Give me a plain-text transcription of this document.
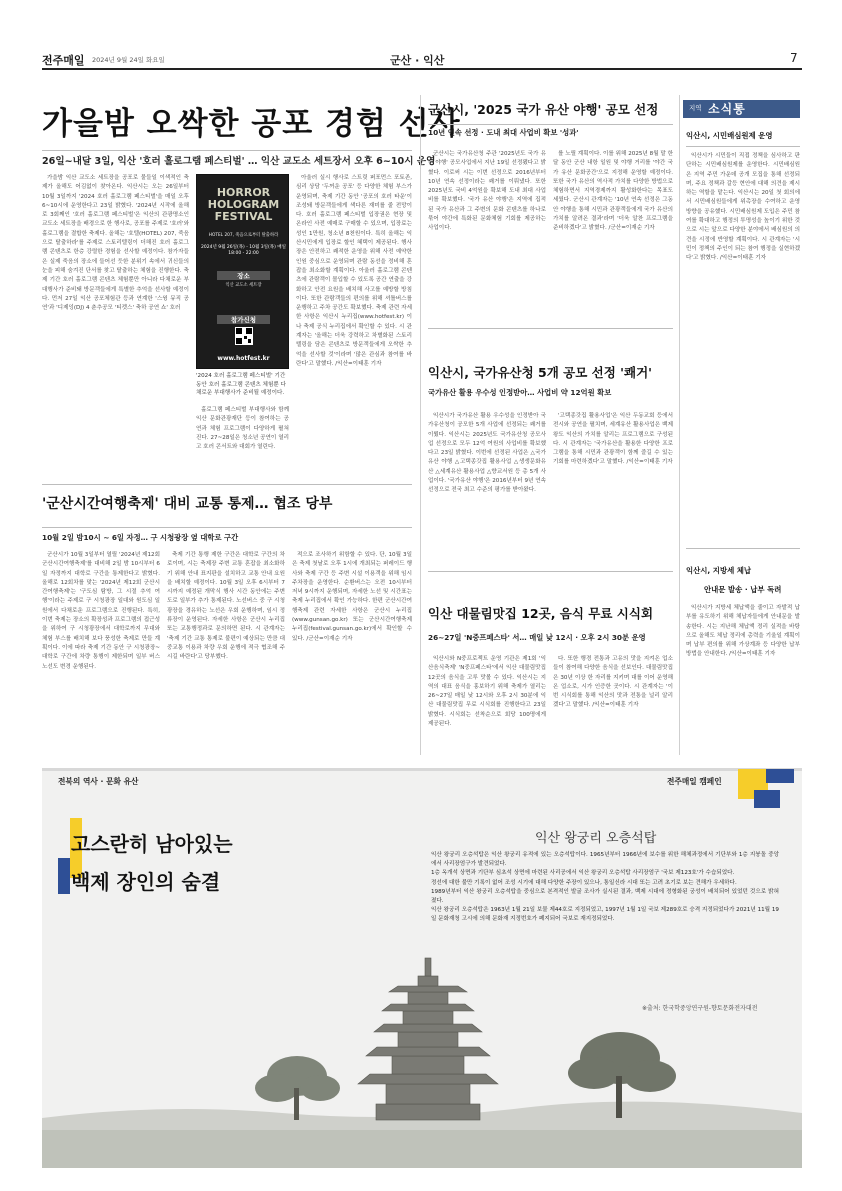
전주매일 2024년 9월 24일 화요일	군산 · 익산	7
가을밤 오싹한 공포 경험 선사
26일~내달 3일, 익산 '호러 홀로그램 페스티벌' … 익산 교도소 세트장서 오후 6~10시 운영

가을밤 익산 교도소 세트장을 공포로 물들일 이색적인 축제가 올해도 어김없이 찾아온다. 익산시는 오는 26일부터 10월 3일까지 '2024 호러 홀로그램 페스티벌'을 매일 오후 6~10시에 운영한다고 23일 밝혔다. '2024년 시작에 올해로 3회째인 '호러 홀로그램 페스티벌'은 익산의 관광명소인 교도소 세트장을 배경으로 한 행사로, 공포를 주제로 '호러'와 홀로그램을 결합한 축제다. 올해는 '호텔(HOTEL) 207, 죽음으로 탈출하라'를 주제로 스토리텔링이 더해진 호러 홀로그램 콘텐츠로 한층 강렬한 경험을 선사할 예정이다. 참가자들은 실제 죽음의 장소에 들어선 듯한 분위기 속에서 귀신들의 눈을 피해 숨겨진 단서를 찾고 탈출하는 체험을 진행한다. 축제 기간 호러 홀로그램 콘텐츠 체험뿐만 아니라 다채로운 부대행사가 준비돼 방문객들에게 특별한 추억을 선사할 예정이다. 먼저 27일 익산 공포체험관 등과 연계한 '스윙 뮤직 공연'과 '디제잉(DJ) 4 춘추공모 '티켓스' 축하 공연 쇼' 호러

HORROR HOLOGRAM FESTIVAL
HOTEL 207, 죽음으로부터 탈출하라
2024년 9월 26일(목) - 10월 3일(목) 매일 18:00 - 22:00
장소
익산 교도소 세트장
참가신청
www.hotfest.kr
'2024 호러 홀로그램 페스티벌' 기간 동안 호러 홀로그램 콘텐츠 체험뿐 다채로운 부대행사가 준비될 예정이다.

홀로그램 페스티벌 부대행사와 함께 익산 문화관광재단 등이 참여하는 공연과 체험 프로그램이 다양하게 펼쳐진다. 27~28일은 청소년 공연이 열리고 호러 콘서트와 대회가 열린다.

아울러 실시 행사로 스트릿 퍼포먼스 포토존, 심리 상담 '두꺼운 공포' 등 다양한 체험 부스가 운영되며, 축제 기간 동안 '공포의 호러 타운'이 조성돼 방문객들에게 색다른 재미를 줄 전망이다. 호러 홀로그램 페스티벌 입장권은 현장 및 온라인 사전 예매로 구매할 수 있으며, 입장료는 성인 1만원, 청소년 8천원이다. 특히 올해는 익산시민에게 입장료 할인 혜택이 제공된다. 행사장은 안전하고 쾌적한 운영을 위해 사전 예약한 인원 중심으로 운영되며 관람 동선을 정비해 혼잡을 최소화할 계획이다. 아울러 홀로그램 콘텐츠에 관람객이 몰입할 수 있도록 공간 연출을 강화하고 안전 요원을 배치해 사고를 예방할 방침이다. 또한 관람객들의 편의를 위해 셔틀버스를 운행하고 주차 공간도 확보했다. 축제 관련 자세한 사항은 익산시 누리집(www.hotfest.kr) 이나 축제 공식 누리집에서 확인할 수 있다. 시 관계자는 '올해는 더욱 강력하고 차별화된 스토리텔링을 담은 콘텐츠로 방문객들에게 오싹한 추억을 선사할 것'이라며 '많은 관심과 참여를 바란다'고 말했다. /익산=이태훈 기자

'군산시간여행축제' 대비 교통 통제… 협조 당부
10월 2일 밤10시 ~ 6일 자정… 구 시청광장 옆 대학로 구간

군산시가 10월 3일부터 열릴 '2024년 제12회 군산시간여행축제'를 대비해 2일 밤 10시부터 6일 자정까지 대학로 구간을 통제한다고 밝혔다. 올해로 12회차를 맞는 '2024년 제12회 군산시간여행축제'는 '구도심 탐방, 그 시절 추억 여행'이라는 주제로 구 시청광장 일대와 원도심 일원에서 다채로운 프로그램으로 진행된다. 특히, 이번 축제는 장소의 확장성과 프로그램의 접근성을 위하여 구 시청광장에서 대학로까지 무대와 체험 부스를 배치해 보다 풍성한 축제로 만들 계획이다. 이에 따라 축제 기간 동안 구 시청광장~대학로 구간에 차량 통행이 제한되며 일부 버스 노선도 변경 운행된다.

축제 기간 통행 제한 구간은 대학로 구간의 차로이며, 시는 축제장 주변 교통 혼잡을 최소화하기 위해 안내 표지판을 설치하고 교통 안내 요원을 배치할 예정이다. 10월 3일 오후 6시부터 7시까지 예정된 개막식 행사 시간 동안에는 주변 도로 일부가 추가 통제된다. 노선버스 중 구 시청광장을 경유하는 노선은 우회 운행하며, 임시 정류장이 운영된다. 자세한 사항은 군산시 누리집 또는 교통행정과로 문의하면 된다. 시 관계자는 '축제 기간 교통 통제로 불편이 예상되는 만큼 대중교통 이용과 차량 우회 운행에 적극 협조해 주시길 바란다'고 당부했다.

적으로 조사하기 위함할 수 있다. 단, 10월 3일은 축제 첫날로 오후 1시에 개최되는 퍼레이드 행사와 축제 구간 등 주변 시설 이용객을 위해 임시 주차장을 운영한다. 순환버스는 오전 10시부터 저녁 9시까지 운행되며, 자세한 노선 및 시간표는 축제 누리집에서 확인 가능하다. 한편 군산시간여행축제 관련 자세한 사항은 군산시 누리집(www.gunsan.go.kr) 또는 군산시간여행축제 누리집(festival.gunsan.go.kr)에서 확인할 수 있다. /군산=이재순 기자

군산시, '2025 국가 유산 야행' 공모 선정
10년 연속 선정 · 도내 최대 사업비 확보 '성과'

군산시는 국가유산청 주관 '2025년도 국가 유산 야행' 공모사업에서 지난 19일 선정됐다고 밝혔다. 이로써 시는 이번 선정으로 2016년부터 10년 연속 선정이라는 쾌거를 이뤄냈다. 또한 2025년도 국비 4억원을 확보해 도내 최대 사업비를 확보했다. '국가 유산 야행'은 지역에 집적된 국가 유산과 그 주변의 문화 콘텐츠를 하나로 묶어 야간에 특화된 문화체험 기회를 제공하는 사업이다.

를 노릴 계획이다. 이를 위해 2025년 8월 말 한 달 동안 군산 내항 일원 및 야행 거리를 '야간 국가 유산 문화공간'으로 지정해 운영할 예정이다. 또한 국가 유산의 역사적 가치를 다양한 방법으로 체험하면서 지역경제까지 활성화한다는 목표도 세웠다. 군산시 관계자는 '10년 연속 선정은 그동안 야행을 통해 시민과 관광객들에게 국가 유산의 가치를 알려온 결과'라며 '더욱 알찬 프로그램을 준비하겠다'고 밝혔다. /군산=이재순 기자

익산시, 국가유산청 5개 공모 선정 '쾌거'
국가유산 활용 우수성 인정받아… 사업비 약 12억원 확보

익산시가 국가유산 활용 우수성을 인정받아 국가유산청이 공모한 5개 사업에 선정되는 쾌거를 이뤘다. 익산시는 2025년도 국가유산청 공모사업 선정으로 모두 12억 여원의 사업비를 확보했다고 23일 밝혔다. 이번에 선정된 사업은 △국가유산 야행 △고택종갓집 활용사업 △생생문화유산 △세계유산 활용사업 △향교서원 등 총 5개 사업이다. '국가유산 야행'은 2016년부터 9년 연속 선정으로 전국 최고 수준의 평가를 받아왔다.

'고택종갓집 활용사업'은 익산 두동교회 등에서 전시와 공연을 펼치며, 세계유산 활용사업은 백제왕도 익산의 가치를 알리는 프로그램으로 구성된다. 시 관계자는 '국가유산을 활용한 다양한 프로그램을 통해 시민과 관광객이 함께 즐길 수 있는 기회를 마련하겠다'고 말했다. /익산=이태훈 기자

익산 대물림맛집 12곳, 음식 무료 시식회
26~27일 'N중프페스타' 서… 매일 낮 12시 · 오후 2시 30분 운영

익산시와 N중프로젝트 운영 기관은 제1회 '익산음식축제' 'N중프페스타'에서 익산 대물림맛집 12곳의 음식을 고루 맛볼 수 있다. 익산시는 지역의 대표 음식을 홍보하기 위해 축제가 열리는 26~27일 매일 낮 12시와 오후 2시 30분에 익산 대물림맛집 무료 시식회를 진행한다고 23일 밝혔다. 시식회는 선착순으로 회당 100명에게 제공된다.

다. 또한 행경 전통과 고유의 맛을 지켜온 업소들이 참여해 다양한 음식을 선보인다. 대물림맛집은 30년 이상 한 자리를 지키며 대를 이어 운영해 온 업소로, 시가 인증한 곳이다. 시 관계자는 '이번 시식회를 통해 익산의 맛과 전통을 널리 알리겠다'고 말했다. /익산=이태훈 기자

지역 소식통
익산시, 시민배심원제 운영

익산시가 시민들이 직접 정책을 심사하고 판단하는 시민배심원제를 운영한다. 시민배심원은 지역 주민 가운데 공개 모집을 통해 선정되며, 주요 정책과 갈등 현안에 대해 의견을 제시하는 역할을 맡는다. 익산시는 20일 첫 회의에서 시민배심원들에게 위촉장을 수여하고 운영 방향을 공유했다. 시민배심원제 도입은 주민 참여를 확대하고 행정의 투명성을 높이기 위한 것으로 시는 앞으로 다양한 분야에서 배심원의 의견을 시정에 반영할 계획이다. 시 관계자는 '시민이 정책의 주인이 되는 참여 행정을 실현하겠다'고 밝혔다. /익산=이태훈 기자

익산시, 지방세 체납
안내문 발송 · 납부 독려

익산시가 지방세 체납액을 줄이고 자발적 납부를 유도하기 위해 체납자들에게 안내문을 발송한다. 시는 지난해 체납액 정리 실적을 바탕으로 올해도 체납 정리에 총력을 기울일 계획이며 납부 편의를 위해 가상계좌 등 다양한 납부 방법을 안내한다. /익산=이태훈 기자

전북의 역사 · 문화 유산	전주매일 캠페인
고스란히 남아있는
백제 장인의 숨결
익산 왕궁리 오층석탑

익산 왕궁리 오층석탑은 익산 왕궁리 유적에 있는 오층석탑이다. 1965년부터 1966년에 보수를 위한 해체과정에서 기단부와 1층 지붕돌 중앙에서 사리장엄구가 발견되었다.

1층 옥개석 상면과 기단부 심초석 상면에 마련된 사리공에서 익산 왕궁리 오층석탑 사리장엄구 '국보 제123호'가 수습되었다.

정선에 대한 불만 기록이 없어 조성 시기에 대해 다양한 주장이 있으나, 통일신라 시대 또는 고려 초기로 보는 견해가 우세하다.

1989년부터 익산 왕궁리 오층석탑을 중심으로 본격적인 발굴 조사가 실시된 결과, 백제 시대에 정형화된 궁성이 배치되어 있었던 것으로 밝혀졌다.

익산 왕궁리 오층석탑은 1963년 1월 21일 보물 제44호로 지정되었고, 1997년 1월 1일 국보 제289호로 승격 지정되었다가 2021년 11월 19일 문화재청 고시에 의해 문화재 지정번호가 폐지되어 국보로 재지정되었다.

※출처: 한국학중앙연구원-향토문화전자대전
